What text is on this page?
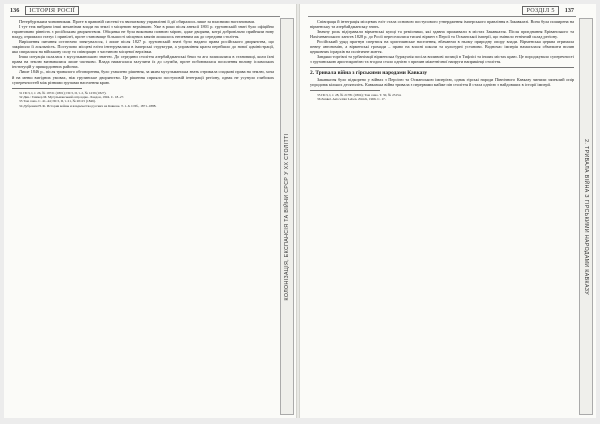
136	ІСТОРІЯ РОСІЇ
КОЛОНІЗАЦІЯ, ЕКСПАНСІЯ ТА ВІЙНИ СРСР У ХХ СТОЛІТТІ

Петербурзьким чиновникам. Проте в правовій системі та звичаєвому управлінні її дії обирались лише за власними настановами.

І тут теж вибрано інші механізми влади на землі з місцевою верхівкою. Уже в роки після анексії 1801 р. грузинській знаті було офіційно гарантовано рівність з російським дворянством. Обіцянка не була виконана повною мірою, адже дворяни, котрі добровільно прийняли нову владу, отримали статус і привілеї, проте становище більшості місцевих князів лишалось непевним аж до середини століття.

Вирішення питання остаточно затягувалося, і лише після 1827 р. грузинській знаті було надано права російського дворянства, що закріпило її лояльність. Поступово місцеві еліти інтегрувалися в імперські структури, а управління краєм перейшло до нової адміністрації, яка спиралася на військову силу та співпрацю з частиною місцевої верхівки.

Інша ситуація склалася з мусульманською знаттю. До середини століття азербайджанські беки та ага залишалися в становищі, коли їхні права на землю визнавалися лише частково. Влада намагалася залучити їх до служби, проте побоювалася посилення впливу ісламських інституцій у прикордонних районах.

Лише 1846 р., після тривалого обговорення, було ухвалено рішення, за яким мусульманська знать отримала спадкові права на землю, хоча й на менш вигідних умовах, ніж грузинське дворянство. Це рішення сприяло поступовій інтеграції регіону, однак не усунуло глибоких суперечностей між різними групами населення краю.

31 ПСЗ, I, т. 26, № 19721 (1801); ПСЗ, II, т. 2, № 1239 (1827).

32 Див.: Гаммер М. Мусульманський опір царю. Лондон, 1994. С. 18–27.

33 Там само. С. 41–44; ПСЗ, II, т. 21, № 20115 (1846).

34 Дубровин Н. Ф. История войны и владычества русских на Кавказе. Т. 1–6. СПб., 1871–1888.

РОЗДІЛ 5	137
2. ТРИВАЛА ВІЙНА З ГІРСЬКИМИ НАРОДАМИ КАВКАЗУ

Співпраця й інтеграція місцевих еліт стала основою поступового утвердження імперського правління в Закавказзі. Вона була поширена на вірменську та азербайджанську знать.

Значну роль відігравали вірменські купці та ремісники, які здавна проживали в містах Закавказзя. Після приєднання Еріванського та Нахічеванського ханств 1828 р. до Росії переселилися тисячі вірмен з Персії та Османської імперії, що змінило етнічний склад регіону.

Російський уряд прагнув спертися на християнське населення, вбачаючи в ньому природну опору влади. Вірменська церква отримала певну автономію, а вірменські громади – право на власні школи та культурні установи. Водночас імперія намагалася обмежити вплив церковних ієрархів на політичне життя.

Завдяки торгівлі та урбанізації вірменська буржуазія посіла впливові позиції в Тифлісі та інших містах краю. Це породжувало суперечності з грузинською аристократією та згодом стало однією з причин міжетнічної напруги наприкінці століття.

2. Тривала війна з гірськими народами Кавказу

Закавказзя було підкорено у війнах з Персією та Османською імперією, однак гірські народи Північного Кавказу чинили запеклий опір упродовж кількох десятиліть. Кавказька війна тривала з перервами майже пів століття й стала однією з найдовших в історії імперії.

35 ПСЗ, I, т. 28, № 21781 (1804); Там само. Т. 30, № 23154.

36 Zunkel. Asia wider Leben. Zürich, 1966. С. 17.
